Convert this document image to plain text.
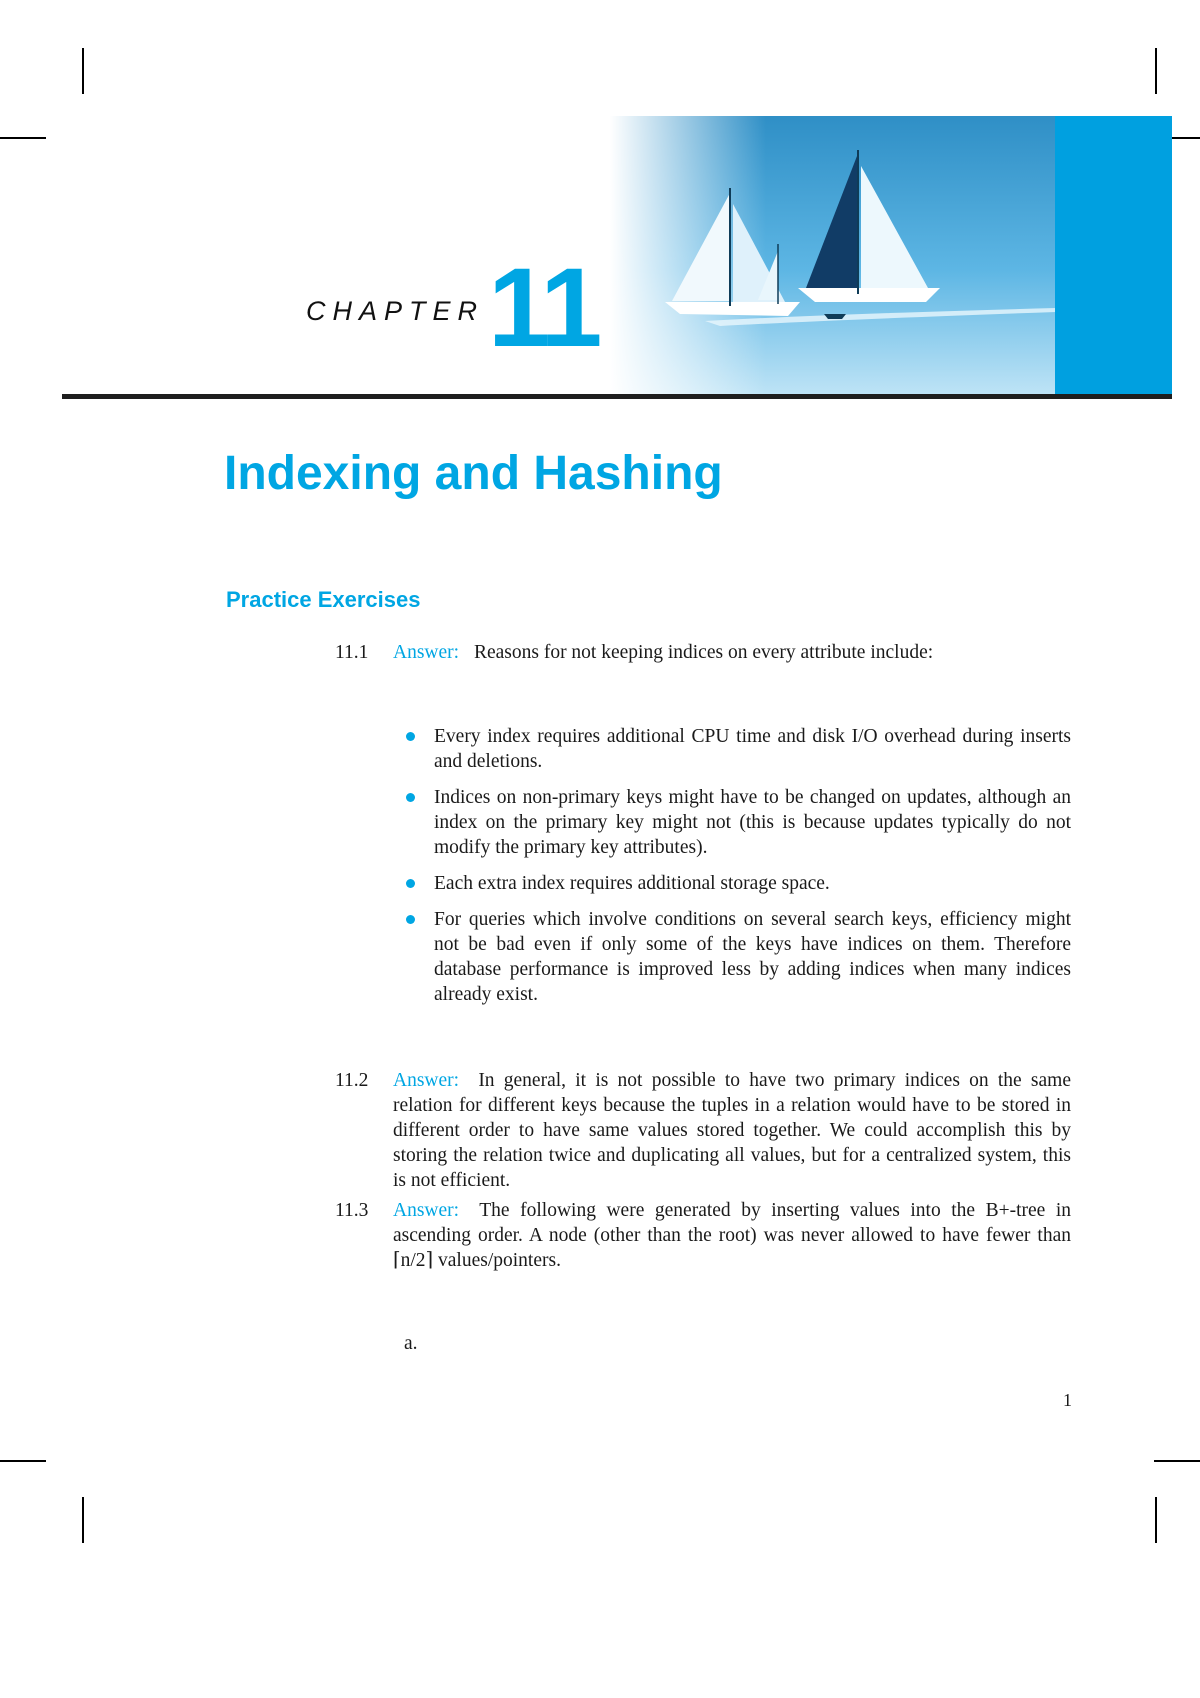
CHAPTER 11
Indexing and Hashing
Practice Exercises
11.1 Answer: Reasons for not keeping indices on every attribute include:
Every index requires additional CPU time and disk I/O overhead during inserts and deletions.
Indices on non-primary keys might have to be changed on updates, although an index on the primary key might not (this is because updates typically do not modify the primary key attributes).
Each extra index requires additional storage space.
For queries which involve conditions on several search keys, efficiency might not be bad even if only some of the keys have indices on them. Therefore database performance is improved less by adding indices when many indices already exist.
11.2 Answer: In general, it is not possible to have two primary indices on the same relation for different keys because the tuples in a relation would have to be stored in different order to have same values stored together. We could accomplish this by storing the relation twice and duplicating all values, but for a centralized system, this is not efficient.
11.3 Answer: The following were generated by inserting values into the B+-tree in ascending order. A node (other than the root) was never allowed to have fewer than ⌈n/2⌉ values/pointers.
a.
1
